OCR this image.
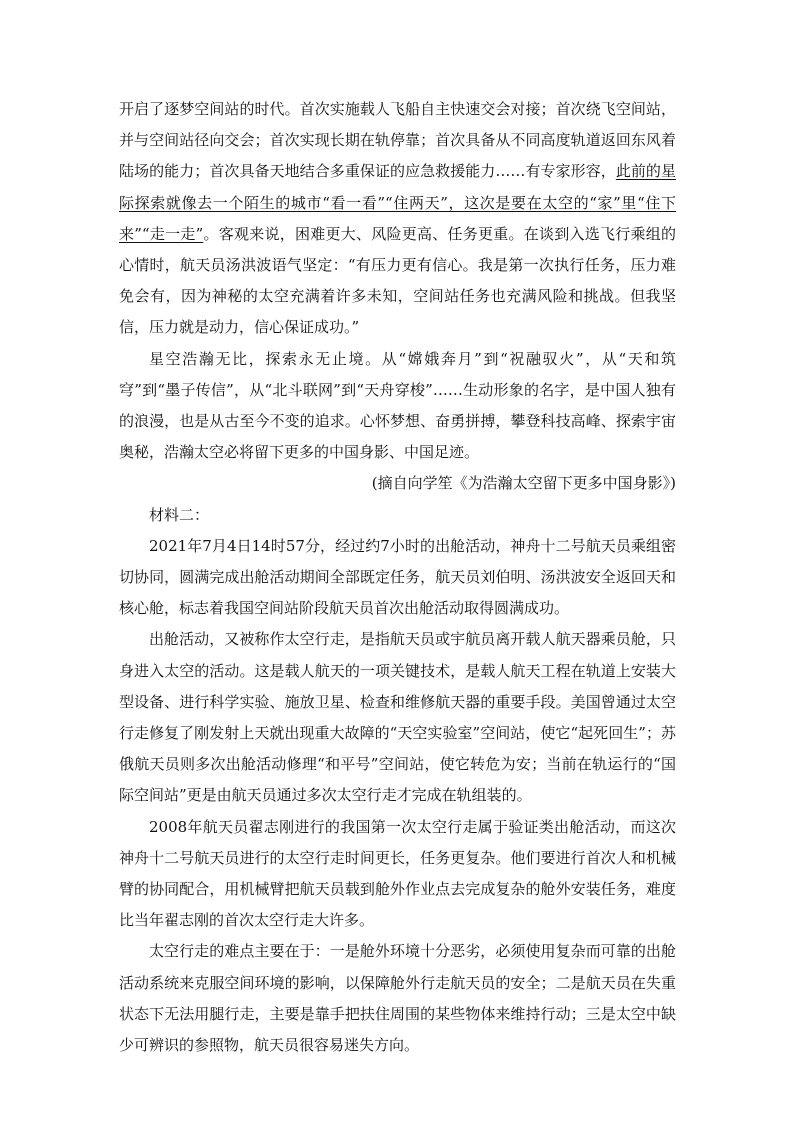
开启了逐梦空间站的时代。首次实施载人飞船自主快速交会对接；首次绕飞空间站，并与空间站径向交会；首次实现长期在轨停靠；首次具备从不同高度轨道返回东风着陆场的能力；首次具备天地结合多重保证的应急救援能力……有专家形容，此前的星际探索就像去一个陌生的城市“看一看”“住两天”，这次是要在太空的“家”里“住下来”“走一走”。客观来说，困难更大、风险更高、任务更重。在谈到入选飞行乘组的心情时，航天员汤洪波语气坚定：“有压力更有信心。我是第一次执行任务，压力难免会有，因为神秘的太空充满着许多未知，空间站任务也充满风险和挑战。但我坚信，压力就是动力，信心保证成功。”

星空浩瀚无比，探索永无止境。从“嫦娥奔月”到“祝融驭火”，从“天和筑穹”到“墨子传信”，从“北斗联网”到“天舟穿梭”……生动形象的名字，是中国人独有的浪漫，也是从古至今不变的追求。心怀梦想、奋勇拼搏，攀登科技高峰、探索宇宙奥秘，浩瀚太空必将留下更多的中国身影、中国足迹。

(摘自向学笙《为浩瀚太空留下更多中国身影》)

材料二：

2021年7月4日14时57分，经过约7小时的出舱活动，神舟十二号航天员乘组密切协同，圆满完成出舱活动期间全部既定任务，航天员刘伯明、汤洪波安全返回天和核心舱，标志着我国空间站阶段航天员首次出舱活动取得圆满成功。

出舱活动，又被称作太空行走，是指航天员或宇航员离开载人航天器乘员舱，只身进入太空的活动。这是载人航天的一项关键技术，是载人航天工程在轨道上安装大型设备、进行科学实验、施放卫星、检查和维修航天器的重要手段。美国曾通过太空行走修复了刚发射上天就出现重大故障的“天空实验室”空间站，使它“起死回生”；苏俄航天员则多次出舱活动修理“和平号”空间站，使它转危为安；当前在轨运行的“国际空间站”更是由航天员通过多次太空行走才完成在轨组装的。

2008年航天员翟志刚进行的我国第一次太空行走属于验证类出舱活动，而这次神舟十二号航天员进行的太空行走时间更长，任务更复杂。他们要进行首次人和机械臂的协同配合，用机械臂把航天员载到舱外作业点去完成复杂的舱外安装任务，难度比当年翟志刚的首次太空行走大许多。

太空行走的难点主要在于：一是舱外环境十分恶劣，必须使用复杂而可靠的出舱活动系统来克服空间环境的影响，以保障舱外行走航天员的安全；二是航天员在失重状态下无法用腿行走，主要是靠手把扶住周围的某些物体来维持行动；三是太空中缺少可辨识的参照物，航天员很容易迷失方向。
